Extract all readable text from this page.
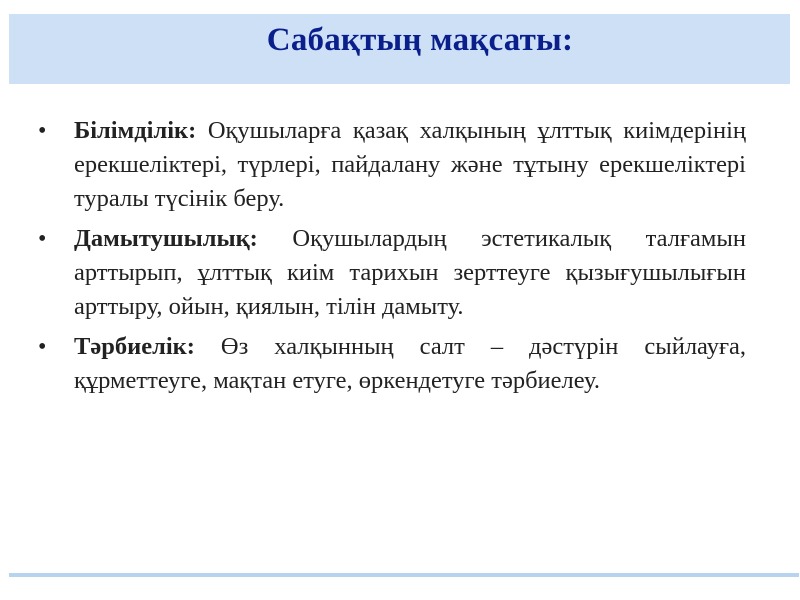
Сабақтың мақсаты:
• Білімділік: Оқушыларға қазақ халқының ұлттық киімдерінің ерекшеліктері, түрлері, пайдалану және тұтыну ерекшеліктері туралы түсінік беру.
• Дамытушылық: Оқушылардың эстетикалық талғамын арттырып, ұлттық киім тарихын зерттеуге қызығушылығын арттыру, ойын, қиялын, тілін дамыту.
• Тәрбиелік: Өз халқынның салт – дәстүрін сыйлауға, құрметтеуге, мақтан етуге, өркендетуге тәрбиелеу.
